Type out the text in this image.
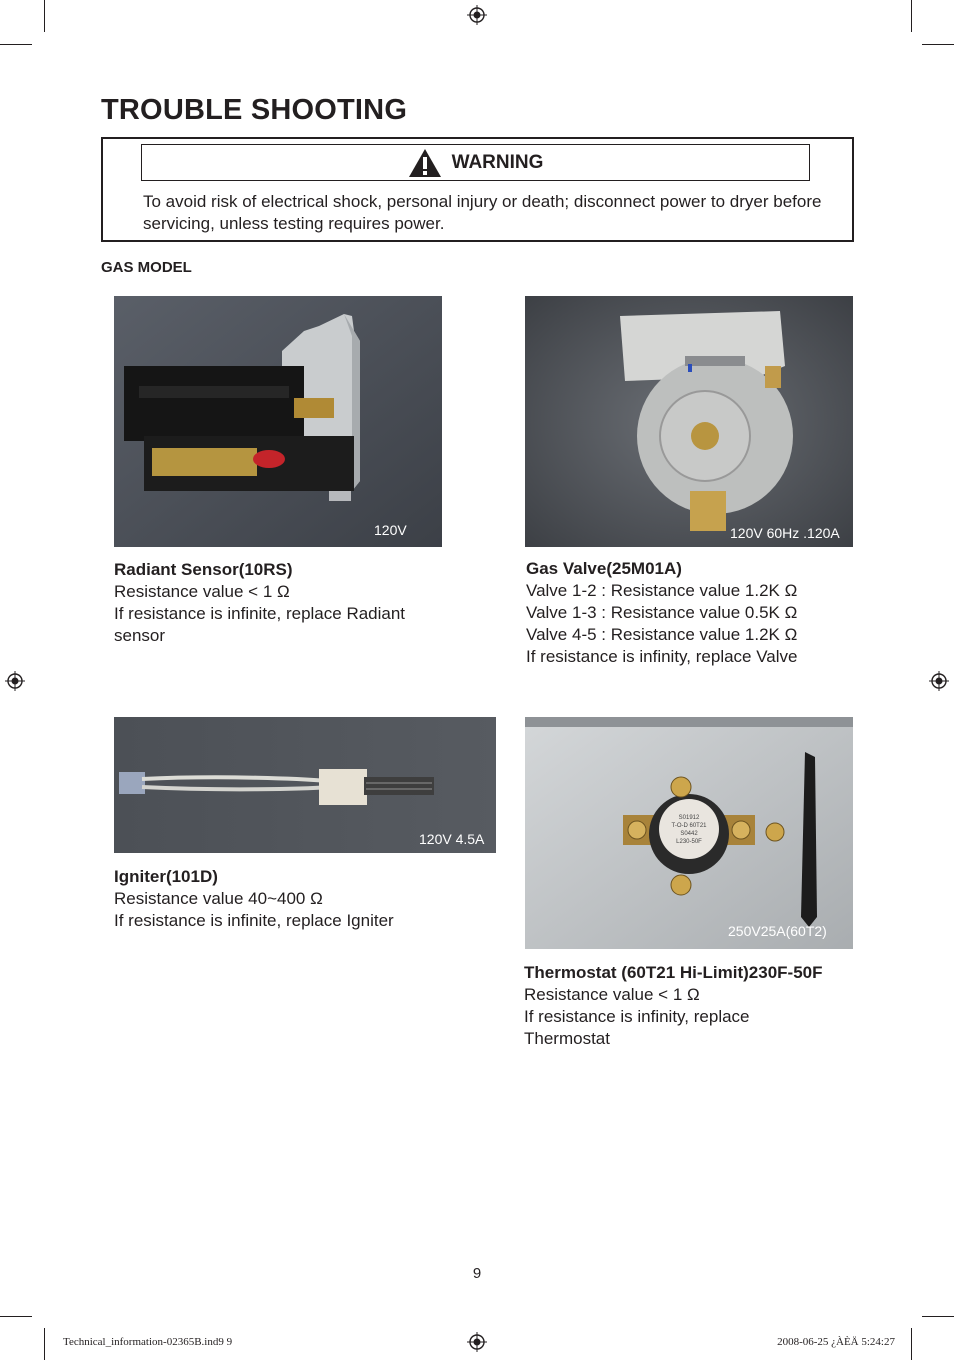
TROUBLE SHOOTING
WARNING
To avoid risk of electrical shock, personal injury or death; disconnect power to dryer before servicing, unless testing requires power.
GAS MODEL
120V	120V 60Hz .120A
Radiant Sensor(10RS)
Resistance value < 1 Ω
If resistance is infinite, replace Radiant
sensor
Gas Valve(25M01A)
Valve 1-2 : Resistance value 1.2K Ω
Valve 1-3 : Resistance value 0.5K Ω
Valve 4-5 : Resistance value 1.2K Ω
If resistance is infinity, replace Valve
120V 4.5A
Igniter(101D)
Resistance value 40~400 Ω
If resistance is infinite, replace Igniter
S01912
T-O-D 60T21
S0442
L230-50F
250V25A(60T2)
Thermostat (60T21 Hi-Limit)230F-50F
Resistance value < 1 Ω
If resistance is infinity, replace
Thermostat
9
Technical_information-02365B.ind9 9	2008-06-25 ¿ÀÈÄ 5:24:27
